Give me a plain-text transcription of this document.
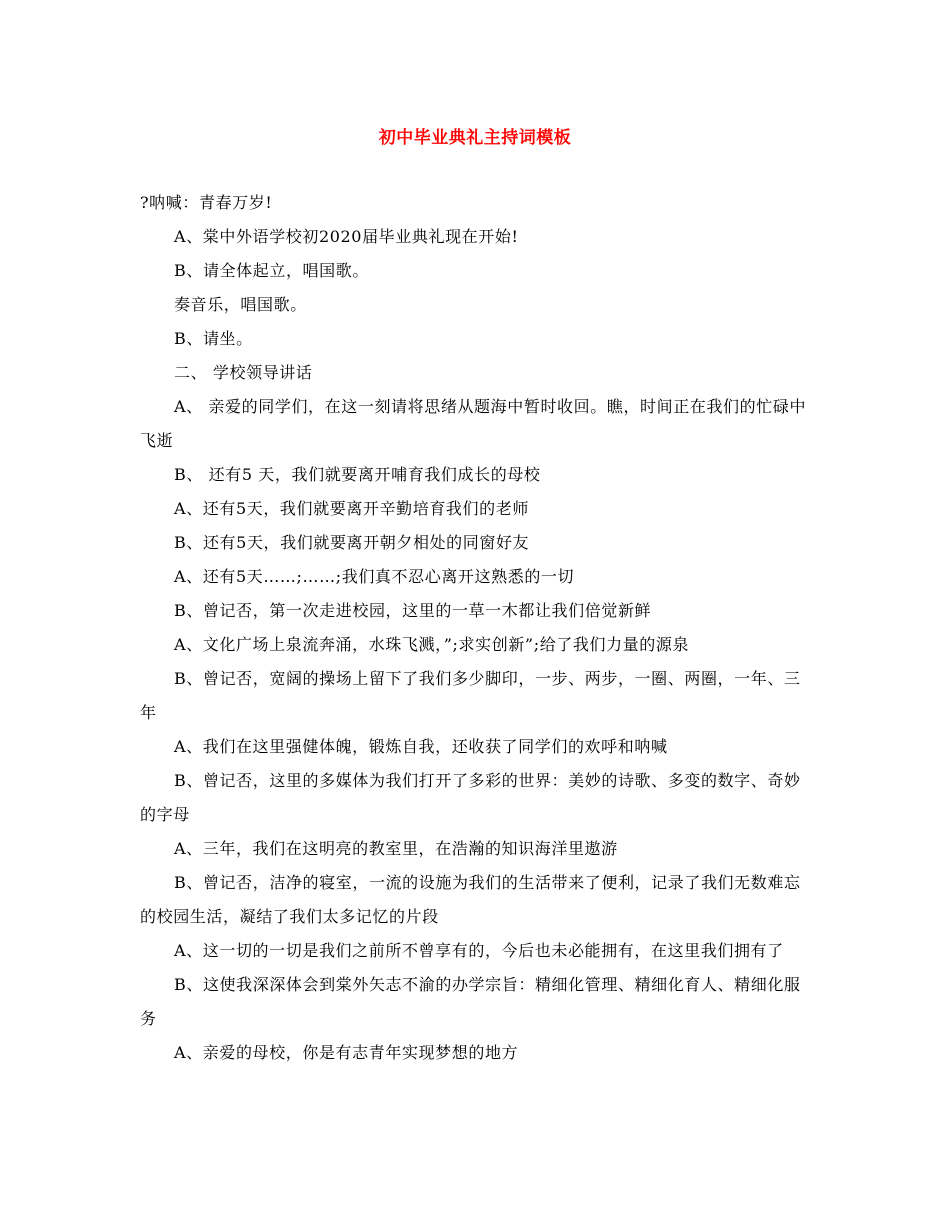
初中毕业典礼主持词模板

?呐喊：青春万岁!

A、棠中外语学校初2020届毕业典礼现在开始!

B、请全体起立，唱国歌。

奏音乐，唱国歌。

B、请坐。

二、 学校领导讲话

A、 亲爱的同学们，在这一刻请将思绪从题海中暂时收回。瞧，时间正在我们的忙碌中飞逝

B、 还有5 天，我们就要离开哺育我们成长的母校

A、还有5天，我们就要离开辛勤培育我们的老师

B、还有5天，我们就要离开朝夕相处的同窗好友

A、还有5天……;……;我们真不忍心离开这熟悉的一切

B、曾记否，第一次走进校园，这里的一草一木都让我们倍觉新鲜

A、文化广场上泉流奔涌，水珠飞溅，”;求实创新”;给了我们力量的源泉

B、曾记否，宽阔的操场上留下了我们多少脚印，一步、两步，一圈、两圈，一年、三年

A、我们在这里强健体魄，锻炼自我，还收获了同学们的欢呼和呐喊

B、曾记否，这里的多媒体为我们打开了多彩的世界：美妙的诗歌、多变的数字、奇妙的字母

A、三年，我们在这明亮的教室里，在浩瀚的知识海洋里遨游

B、曾记否，洁净的寝室，一流的设施为我们的生活带来了便利，记录了我们无数难忘的校园生活，凝结了我们太多记忆的片段

A、这一切的一切是我们之前所不曾享有的，今后也未必能拥有，在这里我们拥有了

B、这使我深深体会到棠外矢志不渝的办学宗旨：精细化管理、精细化育人、精细化服务

A、亲爱的母校，你是有志青年实现梦想的地方
